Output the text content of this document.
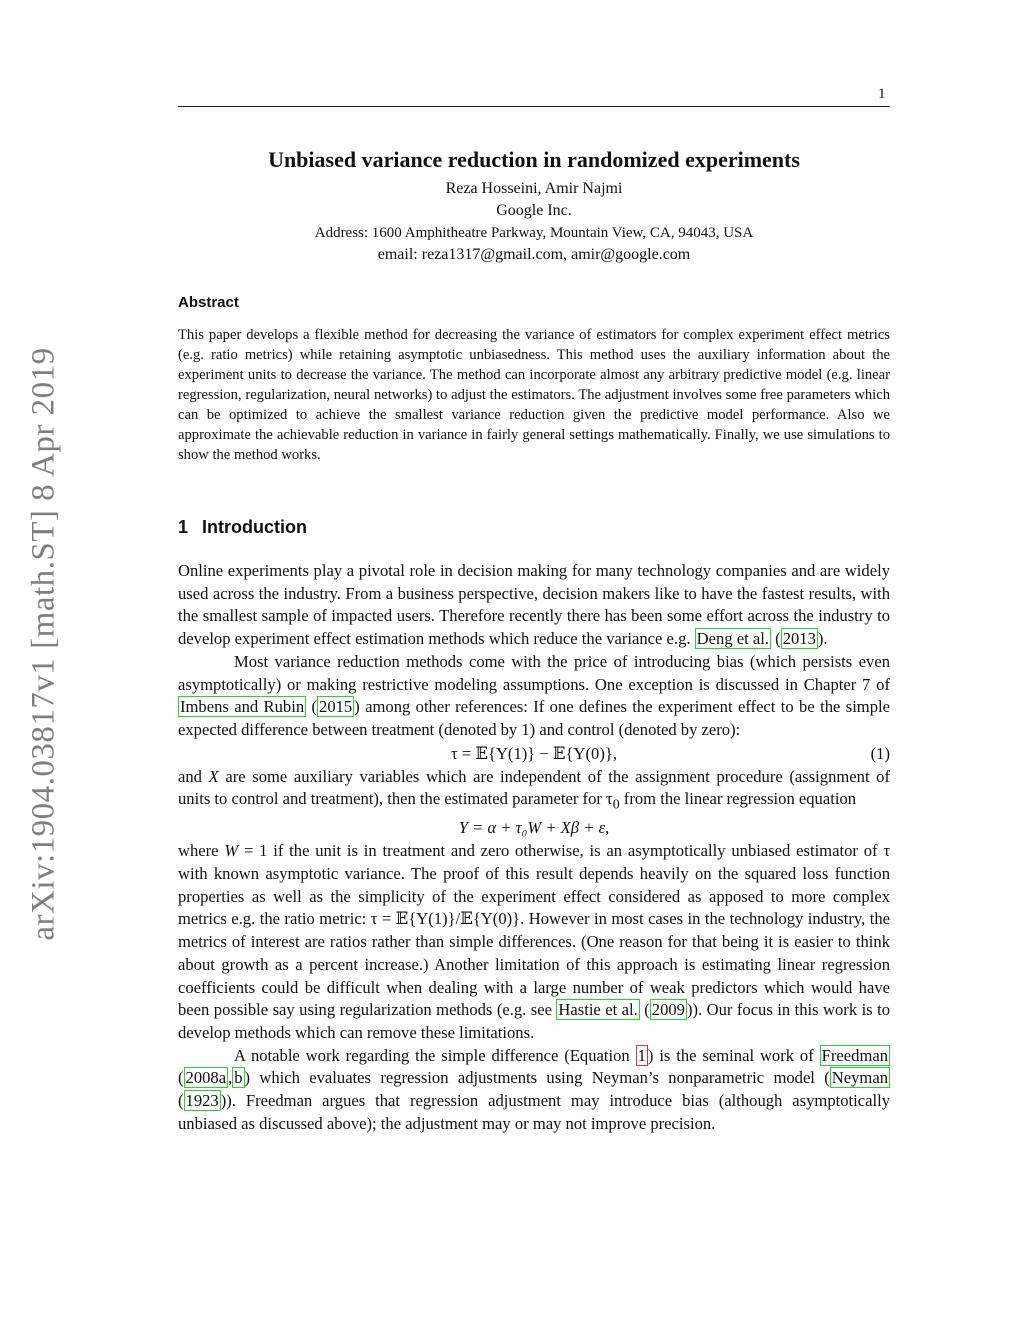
1
arXiv:1904.03817v1 [math.ST] 8 Apr 2019
Unbiased variance reduction in randomized experiments
Reza Hosseini, Amir Najmi
Google Inc.
Address: 1600 Amphitheatre Parkway, Mountain View, CA, 94043, USA
email: reza1317@gmail.com, amir@google.com
Abstract
This paper develops a flexible method for decreasing the variance of estimators for complex experiment effect metrics (e.g. ratio metrics) while retaining asymptotic unbiasedness. This method uses the auxiliary information about the experiment units to decrease the variance. The method can incorporate almost any arbitrary predictive model (e.g. linear regression, regularization, neural networks) to adjust the estimators. The adjustment involves some free parameters which can be optimized to achieve the smallest variance reduction given the predictive model performance. Also we approximate the achievable reduction in variance in fairly general settings mathematically. Finally, we use simulations to show the method works.
1 Introduction

Online experiments play a pivotal role in decision making for many technology companies and are widely used across the industry. From a business perspective, decision makers like to have the fastest results, with the smallest sample of impacted users. Therefore recently there has been some effort across the industry to develop experiment effect estimation methods which reduce the variance e.g. Deng et al. ( 2013 ).

Most variance reduction methods come with the price of introducing bias (which persists even asymptotically) or making restrictive modeling assumptions. One exception is discussed in Chapter 7 of Imbens and Rubin ( 2015 ) among other references: If one defines the experiment effect to be the simple expected difference between treatment (denoted by 1) and control (denoted by zero):

τ = 𝔼{Y(1)} − 𝔼{Y(0)},	(1)

and X are some auxiliary variables which are independent of the assignment procedure (assignment of units to control and treatment), then the estimated parameter for $\tau_0$ from the linear regression equation

Y = α + τ₀W + Xβ + ε,

where W = 1 if the unit is in treatment and zero otherwise, is an asymptotically unbiased estimator of τ with known asymptotic variance. The proof of this result depends heavily on the squared loss function properties as well as the simplicity of the experiment effect considered as apposed to more complex metrics e.g. the ratio metric: τ = 𝔼{Y(1)}/𝔼{Y(0)}. However in most cases in the technology industry, the metrics of interest are ratios rather than simple differences. (One reason for that being it is easier to think about growth as a percent increase.) Another limitation of this approach is estimating linear regression coefficients could be difficult when dealing with a large number of weak predictors which would have been possible say using regularization methods (e.g. see Hastie et al. ( 2009 )). Our focus in this work is to develop methods which can remove these limitations.

A notable work regarding the simple difference (Equation 1 ) is the seminal work of Freedman ( 2008a , b ) which evaluates regression adjustments using Neyman’s nonparametric model ( Neyman ( 1923 )). Freedman argues that regression adjustment may introduce bias (although asymptotically unbiased as discussed above); the adjustment may or may not improve precision.
